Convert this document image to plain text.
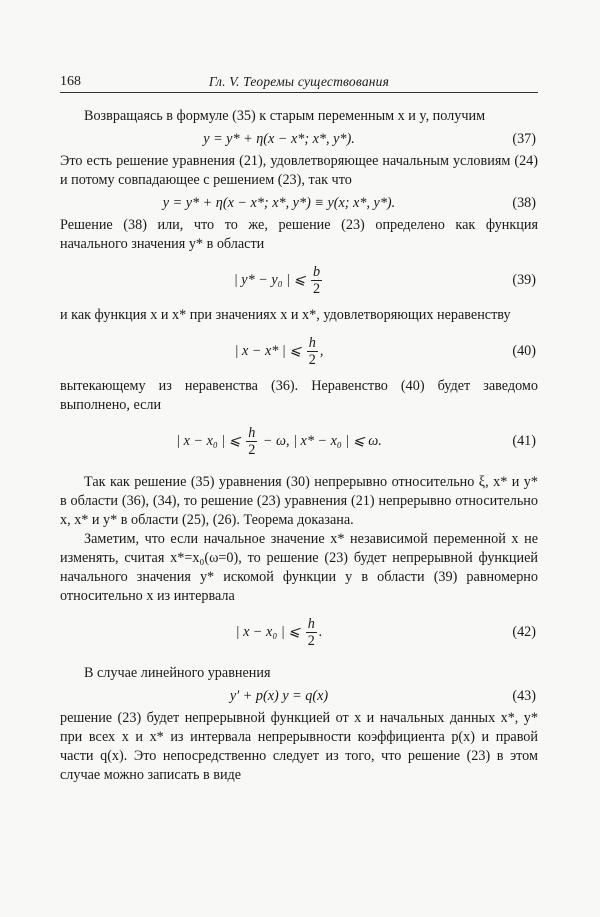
168	Гл. V. Теоремы существования

Возвращаясь в формуле (35) к старым переменным x и y, получим

y = y* + η(x − x*; x*, y*).	(37)

Это есть решение уравнения (21), удовлетворяющее начальным условиям (24) и потому совпадающее с решением (23), так что

y = y* + η(x − x*; x*, y*) ≡ y(x; x*, y*).	(38)

Решение (38) или, что то же, решение (23) определено как функция начального значения y* в области

| y* − y₀ | ⩽ $\frac{b}{2}$	(39)

и как функция x и x* при значениях x и x*, удовлетворяющих неравенству

| x − x* | ⩽ $\frac{h}{2}$ ,	(40)

вытекающему из неравенства (36). Неравенство (40) будет заведомо выполнено, если

| x − x₀ | ⩽ $\frac{h}{2} - \omega$, | x* − x₀ | ⩽ ω.	(41)

Так как решение (35) уравнения (30) непрерывно относительно ξ, x* и y* в области (36), (34), то решение (23) уравнения (21) непрерывно относительно x, x* и y* в области (25), (26). Теорема доказана.

Заметим, что если начальное значение x* независимой переменной x не изменять, считая x*=x₀(ω=0), то решение (23) будет непрерывной функцией начального значения y* искомой функции y в области (39) равномерно относительно x из интервала

| x − x₀ | ⩽ $\frac{h}{2}$ .	(42)

В случае линейного уравнения

y′ + p(x) y = q(x)	(43)

решение (23) будет непрерывной функцией от x и начальных данных x*, y* при всех x и x* из интервала непрерывности коэффициента p(x) и правой части q(x). Это непосредственно следует из того, что решение (23) в этом случае можно записать в виде
